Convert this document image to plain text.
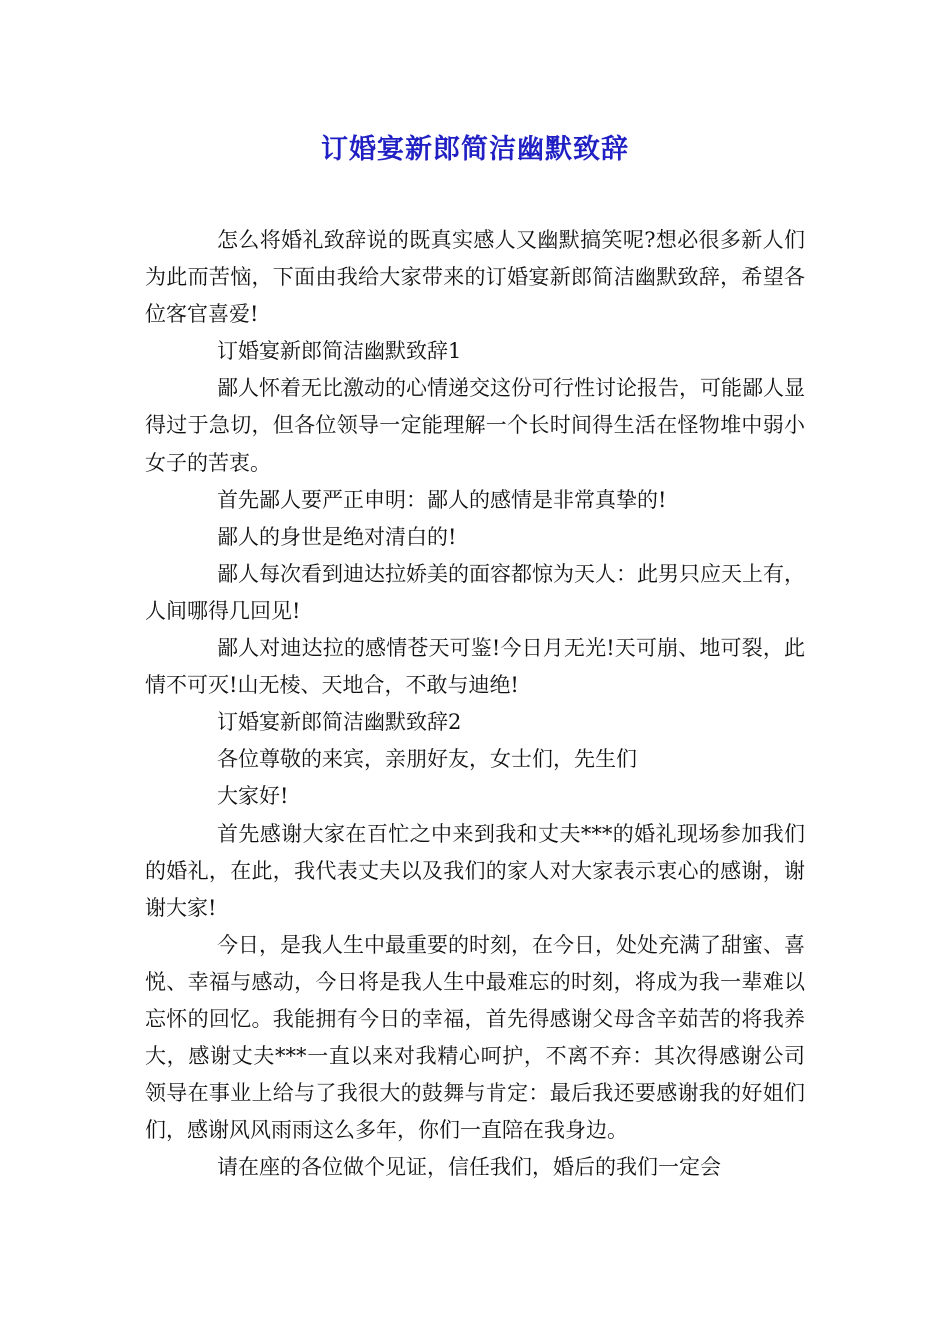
订婚宴新郎简洁幽默致辞

怎么将婚礼致辞说的既真实感人又幽默搞笑呢?想必很多新人们为此而苦恼，下面由我给大家带来的订婚宴新郎简洁幽默致辞，希望各位客官喜爱!

订婚宴新郎简洁幽默致辞1

鄙人怀着无比激动的心情递交这份可行性讨论报告，可能鄙人显得过于急切，但各位领导一定能理解一个长时间得生活在怪物堆中弱小女子的苦衷。

首先鄙人要严正申明：鄙人的感情是非常真挚的!

鄙人的身世是绝对清白的!

鄙人每次看到迪达拉娇美的面容都惊为天人：此男只应天上有，人间哪得几回见!

鄙人对迪达拉的感情苍天可鉴!今日月无光!天可崩、地可裂，此情不可灭!山无棱、天地合，不敢与迪绝!

订婚宴新郎简洁幽默致辞2

各位尊敬的来宾，亲朋好友，女士们，先生们

大家好!

首先感谢大家在百忙之中来到我和丈夫***的婚礼现场参加我们的婚礼，在此，我代表丈夫以及我们的家人对大家表示衷心的感谢，谢谢大家!

今日，是我人生中最重要的时刻，在今日，处处充满了甜蜜、喜悦、幸福与感动，今日将是我人生中最难忘的时刻，将成为我一辈难以忘怀的回忆。我能拥有今日的幸福，首先得感谢父母含辛茹苦的将我养大，感谢丈夫***一直以来对我精心呵护，不离不弃：其次得感谢公司领导在事业上给与了我很大的鼓舞与肯定：最后我还要感谢我的好姐们们，感谢风风雨雨这么多年，你们一直陪在我身边。

请在座的各位做个见证，信任我们，婚后的我们一定会
